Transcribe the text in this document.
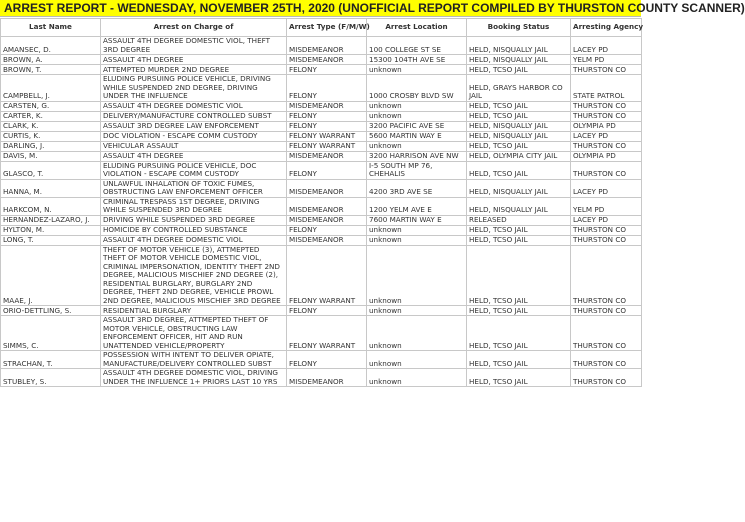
ARREST REPORT - WEDNESDAY, NOVEMBER 25TH, 2020 (UNOFFICIAL REPORT COMPILED BY THURSTON COUNTY SCANNER)
Last Name	Arrest on Charge of	Arrest Type (F/M/W)	Arrest Location	Booking Status	Arresting Agency
AMANSEC, D.	ASSAULT 4TH DEGREE DOMESTIC VIOL, THEFT 3RD DEGREE	MISDEMEANOR	100 COLLEGE ST SE	HELD, NISQUALLY JAIL	LACEY PD
BROWN, A.	ASSAULT 4TH DEGREE	MISDEMEANOR	15300 104TH AVE SE	HELD, NISQUALLY JAIL	YELM PD
BROWN, T.	ATTEMPTED MURDER 2ND DEGREE	FELONY	unknown	HELD, TCSO JAIL	THURSTON CO
CAMPBELL, J.	ELUDING PURSUING POLICE VEHICLE, DRIVING WHILE SUSPENDED 2ND DEGREE, DRIVING UNDER THE INFLUENCE	FELONY	1000 CROSBY BLVD SW	HELD, GRAYS HARBOR CO JAIL	STATE PATROL
CARSTEN, G.	ASSAULT 4TH DEGREE DOMESTIC VIOL	MISDEMEANOR	unknown	HELD, TCSO JAIL	THURSTON CO
CARTER, K.	DELIVERY/MANUFACTURE CONTROLLED SUBST	FELONY	unknown	HELD, TCSO JAIL	THURSTON CO
CLARK, K.	ASSAULT 3RD DEGREE LAW ENFORCEMENT	FELONY	3200 PACIFIC AVE SE	HELD, NISQUALLY JAIL	OLYMPIA PD
CURTIS, K.	DOC VIOLATION - ESCAPE COMM CUSTODY	FELONY WARRANT	5600 MARTIN WAY E	HELD, NISQUALLY JAIL	LACEY PD
DARLING, J.	VEHICULAR ASSAULT	FELONY WARRANT	unknown	HELD, TCSO JAIL	THURSTON CO
DAVIS, M.	ASSAULT 4TH DEGREE	MISDEMEANOR	3200 HARRISON AVE NW	HELD, OLYMPIA CITY JAIL	OLYMPIA PD
GLASCO, T.	ELUDING PURSUING POLICE VEHICLE, DOC VIOLATION - ESCAPE COMM CUSTODY	FELONY	I-5 SOUTH MP 76, CHEHALIS	HELD, TCSO JAIL	THURSTON CO
HANNA, M.	UNLAWFUL INHALATION OF TOXIC FUMES, OBSTRUCTING LAW ENFORCEMENT OFFICER	MISDEMEANOR	4200 3RD AVE SE	HELD, NISQUALLY JAIL	LACEY PD
HARKCOM, N.	CRIMINAL TRESPASS 1ST DEGREE, DRIVING WHILE SUSPENDED 3RD DEGREE	MISDEMEANOR	1200 YELM AVE E	HELD, NISQUALLY JAIL	YELM PD
HERNANDEZ-LAZARO, J.	DRIVING WHILE SUSPENDED 3RD DEGREE	MISDEMEANOR	7600 MARTIN WAY E	RELEASED	LACEY PD
HYLTON, M.	HOMICIDE BY CONTROLLED SUBSTANCE	FELONY	unknown	HELD, TCSO JAIL	THURSTON CO
LONG, T.	ASSAULT 4TH DEGREE DOMESTIC VIOL	MISDEMEANOR	unknown	HELD, TCSO JAIL	THURSTON CO
MAAE, J.	THEFT OF MOTOR VEHICLE (3), ATTMEPTED THEFT OF MOTOR VEHICLE DOMESTIC VIOL, CRIMINAL IMPERSONATION, IDENTITY THEFT 2ND DEGREE, MALICIOUS MISCHIEF 2ND DEGREE (2), RESIDENTIAL BURGLARY, BURGLARY 2ND DEGREE, THEFT 2ND DEGREE, VEHICLE PROWL 2ND DEGREE, MALICIOUS MISCHIEF 3RD DEGREE	FELONY WARRANT	unknown	HELD, TCSO JAIL	THURSTON CO
ORIO-DETTLING, S.	RESIDENTIAL BURGLARY	FELONY	unknown	HELD, TCSO JAIL	THURSTON CO
SIMMS, C.	ASSAULT 3RD DEGREE, ATTMEPTED THEFT OF MOTOR VEHICLE, OBSTRUCTING LAW ENFORCEMENT OFFICER, HIT AND RUN UNATTENDED VEHICLE/PROPERTY	FELONY WARRANT	unknown	HELD, TCSO JAIL	THURSTON CO
STRACHAN, T.	POSSESSION WITH INTENT TO DELIVER OPIATE, MANUFACTURE/DELIVERY CONTROLLED SUBST	FELONY	unknown	HELD, TCSO JAIL	THURSTON CO
STUBLEY, S.	ASSAULT 4TH DEGREE DOMESTIC VIOL, DRIVING UNDER THE INFLUENCE 1+ PRIORS LAST 10 YRS	MISDEMEANOR	unknown	HELD, TCSO JAIL	THURSTON CO
